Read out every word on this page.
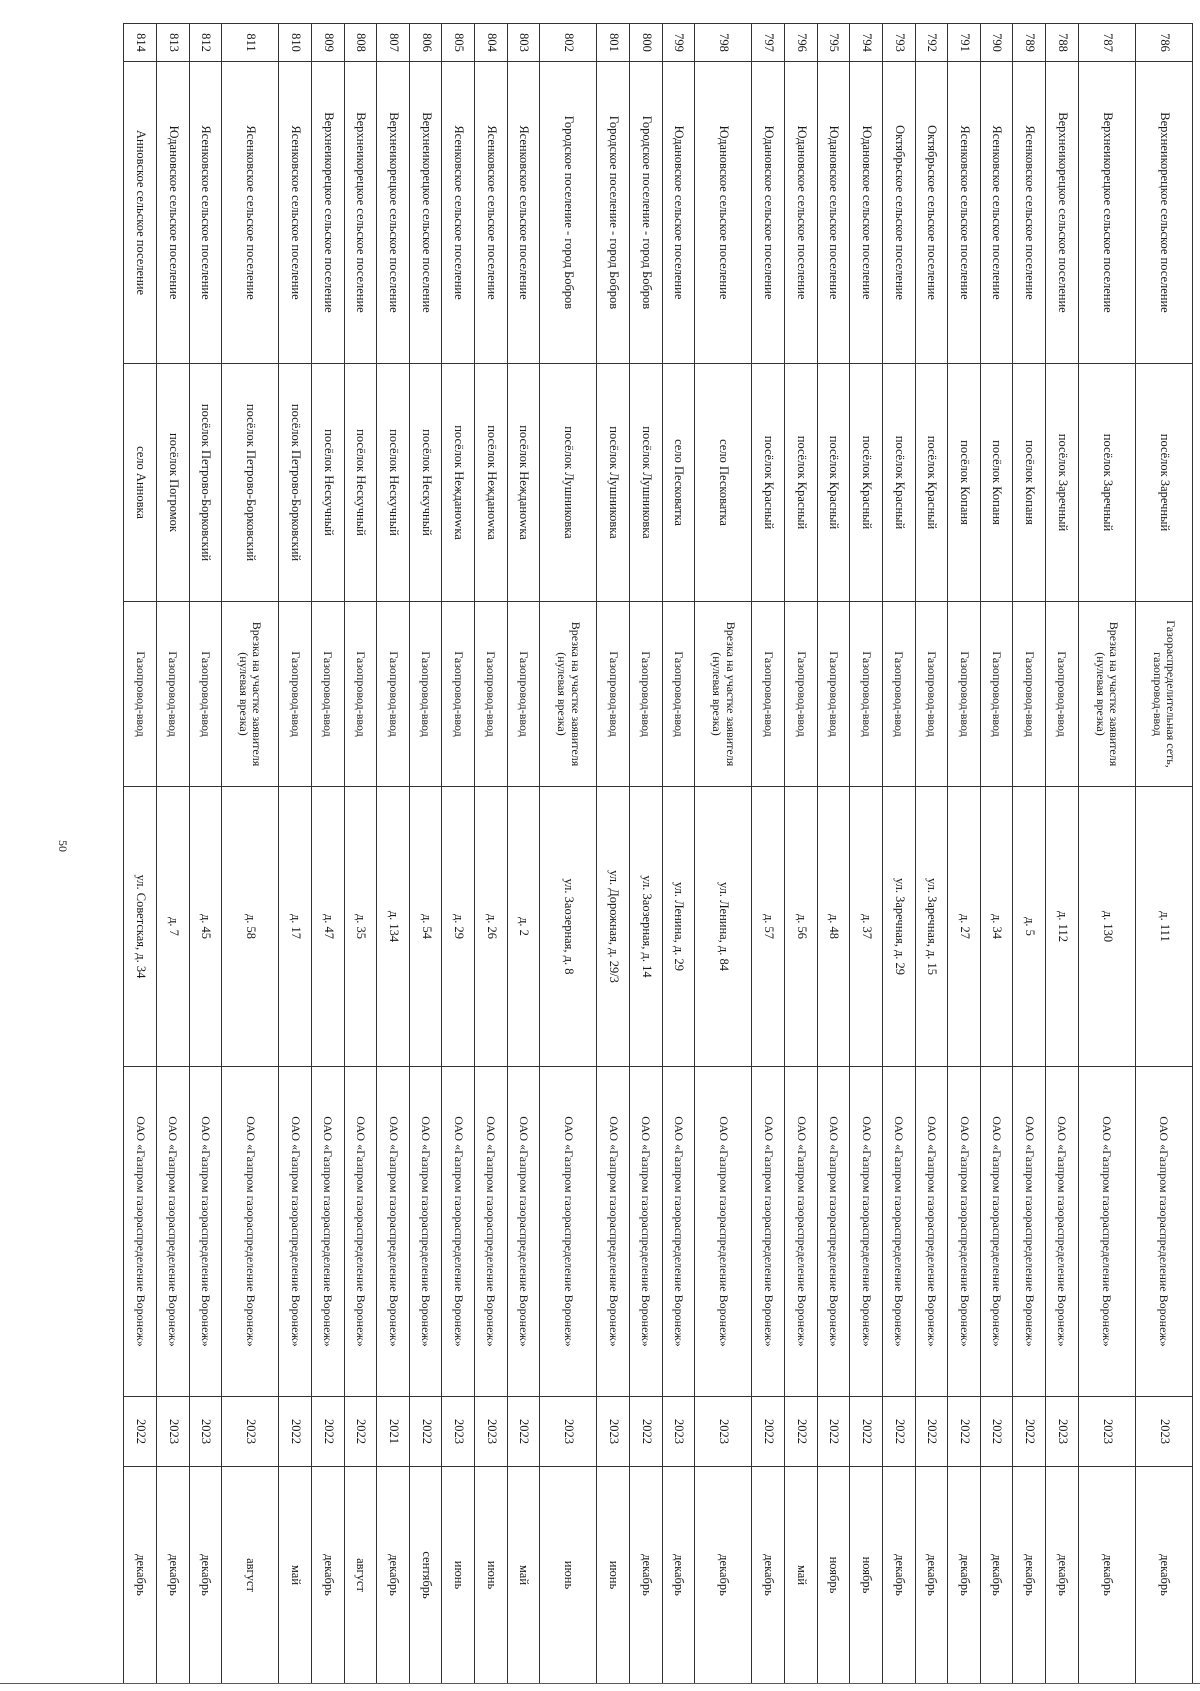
50
786	Верхнеикорецкое сельское поселение	посёлок Заречный	Газораспределительная сеть, газопровод-ввод	д. 111	ОАО «Газпром газораспределение Воронеж»	2023	декабрь
787	Верхнеикорецкое сельское поселение	посёлок Заречный	Врезка на участке заявителя (нулевая врезка)	д. 130	ОАО «Газпром газораспределение Воронеж»	2023	декабрь
788	Верхнеикорецкое сельское поселение	посёлок Заречный	Газопровод-ввод	д. 112	ОАО «Газпром газораспределение Воронеж»	2023	декабрь
789	Ясенковское сельское поселение	посёлок Копаня	Газопровод-ввод	д. 5	ОАО «Газпром газораспределение Воронеж»	2022	декабрь
790	Ясенковское сельское поселение	посёлок Копаня	Газопровод-ввод	д. 34	ОАО «Газпром газораспределение Воронеж»	2022	декабрь
791	Ясенковское сельское поселение	посёлок Копаня	Газопровод-ввод	д. 27	ОАО «Газпром газораспределение Воронеж»	2022	декабрь
792	Октябрьское сельское поселение	посёлок Красный	Газопровод-ввод	ул. Заречная, д. 15	ОАО «Газпром газораспределение Воронеж»	2022	декабрь
793	Октябрьское сельское поселение	посёлок Красный	Газопровод-ввод	ул. Заречная, д. 29	ОАО «Газпром газораспределение Воронеж»	2022	декабрь
794	Юдановское сельское поселение	посёлок Красный	Газопровод-ввод	д. 37	ОАО «Газпром газораспределение Воронеж»	2022	ноябрь
795	Юдановское сельское поселение	посёлок Красный	Газопровод-ввод	д. 48	ОАО «Газпром газораспределение Воронеж»	2022	ноябрь
796	Юдановское сельское поселение	посёлок Красный	Газопровод-ввод	д. 56	ОАО «Газпром газораспределение Воронеж»	2022	май
797	Юдановское сельское поселение	посёлок Красный	Газопровод-ввод	д. 57	ОАО «Газпром газораспределение Воронеж»	2022	декабрь
798	Юдановское сельское поселение	село Песковатка	Врезка на участке заявителя (нулевая врезка)	ул. Ленина, д. 84	ОАО «Газпром газораспределение Воронеж»	2023	декабрь
799	Юдановское сельское поселение	село Песковатка	Газопровод-ввод	ул. Ленина, д. 29	ОАО «Газпром газораспределение Воронеж»	2023	декабрь
800	Городское поселение - город Бобров	посёлок Лушниковка	Газопровод-ввод	ул. Заозерная, д. 14	ОАО «Газпром газораспределение Воронеж»	2022	декабрь
801	Городское поселение - город Бобров	посёлок Лушниковка	Газопровод-ввод	ул. Дорожная, д. 29/3	ОАО «Газпром газораспределение Воронеж»	2023	июнь
802	Городское поселение - город Бобров	посёлок Лушниковка	Врезка на участке заявителя (нулевая врезка)	ул. Заозерная, д. 8	ОАО «Газпром газораспределение Воронеж»	2023	июнь
803	Ясенковское сельское поселение	посёлок Нежданowка	Газопровод-ввод	д. 2	ОАО «Газпром газораспределение Воронеж»	2022	май
804	Ясенковское сельское поселение	посёлок Нежданowка	Газопровод-ввод	д. 26	ОАО «Газпром газораспределение Воронеж»	2023	июнь
805	Ясенковское сельское поселение	посёлок Нежданowка	Газопровод-ввод	д. 29	ОАО «Газпром газораспределение Воронеж»	2023	июнь
806	Верхнеикорецкое сельское поселение	посёлок Нескучный	Газопровод-ввод	д. 54	ОАО «Газпром газораспределение Воронеж»	2022	сентябрь
807	Верхнеикорецкое сельское поселение	посёлок Нескучный	Газопровод-ввод	д. 134	ОАО «Газпром газораспределение Воронеж»	2021	декабрь
808	Верхнеикорецкое сельское поселение	посёлок Нескучный	Газопровод-ввод	д. 35	ОАО «Газпром газораспределение Воронеж»	2022	август
809	Верхнеикорецкое сельское поселение	посёлок Нескучный	Газопровод-ввод	д. 47	ОАО «Газпром газораспределение Воронеж»	2022	декабрь
810	Ясенковское сельское поселение	посёлок Петрово-Борковский	Газопровод-ввод	д. 17	ОАО «Газпром газораспределение Воронеж»	2022	май
811	Ясенковское сельское поселение	посёлок Петрово-Борковский	Врезка на участке заявителя (нулевая врезка)	д. 58	ОАО «Газпром газораспределение Воронеж»	2023	август
812	Ясенковское сельское поселение	посёлок Петрово-Борковский	Газопровод-ввод	д. 45	ОАО «Газпром газораспределение Воронеж»	2023	декабрь
813	Юдановское сельское поселение	посёлок Погромок	Газопровод-ввод	д. 7	ОАО «Газпром газораспределение Воронеж»	2023	декабрь
814	Анновское сельское поселение	село Анновка	Газопровод-ввод	ул. Советская, д. 34	ОАО «Газпром газораспределение Воронеж»	2022	декабрь
